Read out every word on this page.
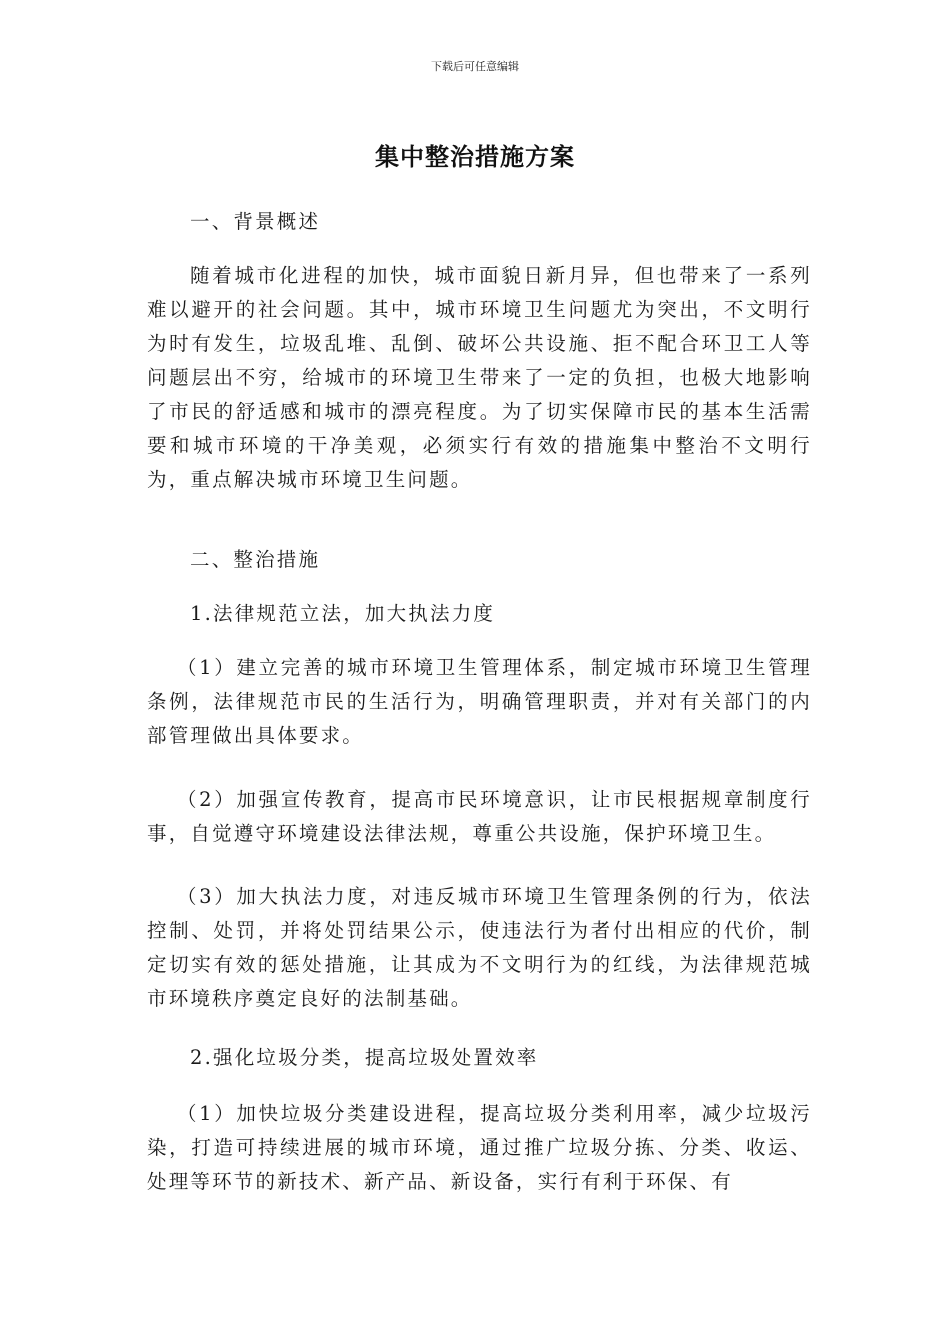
下载后可任意编辑
集中整治措施方案
一、背景概述
随着城市化进程的加快，城市面貌日新月异，但也带来了一系列难以避开的社会问题。其中，城市环境卫生问题尤为突出，不文明行为时有发生，垃圾乱堆、乱倒、破坏公共设施、拒不配合环卫工人等问题层出不穷，给城市的环境卫生带来了一定的负担，也极大地影响了市民的舒适感和城市的漂亮程度。为了切实保障市民的基本生活需要和城市环境的干净美观，必须实行有效的措施集中整治不文明行为，重点解决城市环境卫生问题。
二、整治措施
1.法律规范立法，加大执法力度
（1）建立完善的城市环境卫生管理体系，制定城市环境卫生管理条例，法律规范市民的生活行为，明确管理职责，并对有关部门的内部管理做出具体要求。
（2）加强宣传教育，提高市民环境意识，让市民根据规章制度行事，自觉遵守环境建设法律法规，尊重公共设施，保护环境卫生。
（3）加大执法力度，对违反城市环境卫生管理条例的行为，依法控制、处罚，并将处罚结果公示，使违法行为者付出相应的代价，制定切实有效的惩处措施，让其成为不文明行为的红线，为法律规范城市环境秩序奠定良好的法制基础。
2.强化垃圾分类，提高垃圾处置效率
（1）加快垃圾分类建设进程，提高垃圾分类利用率，减少垃圾污染，打造可持续进展的城市环境，通过推广垃圾分拣、分类、收运、处理等环节的新技术、新产品、新设备，实行有利于环保、有
